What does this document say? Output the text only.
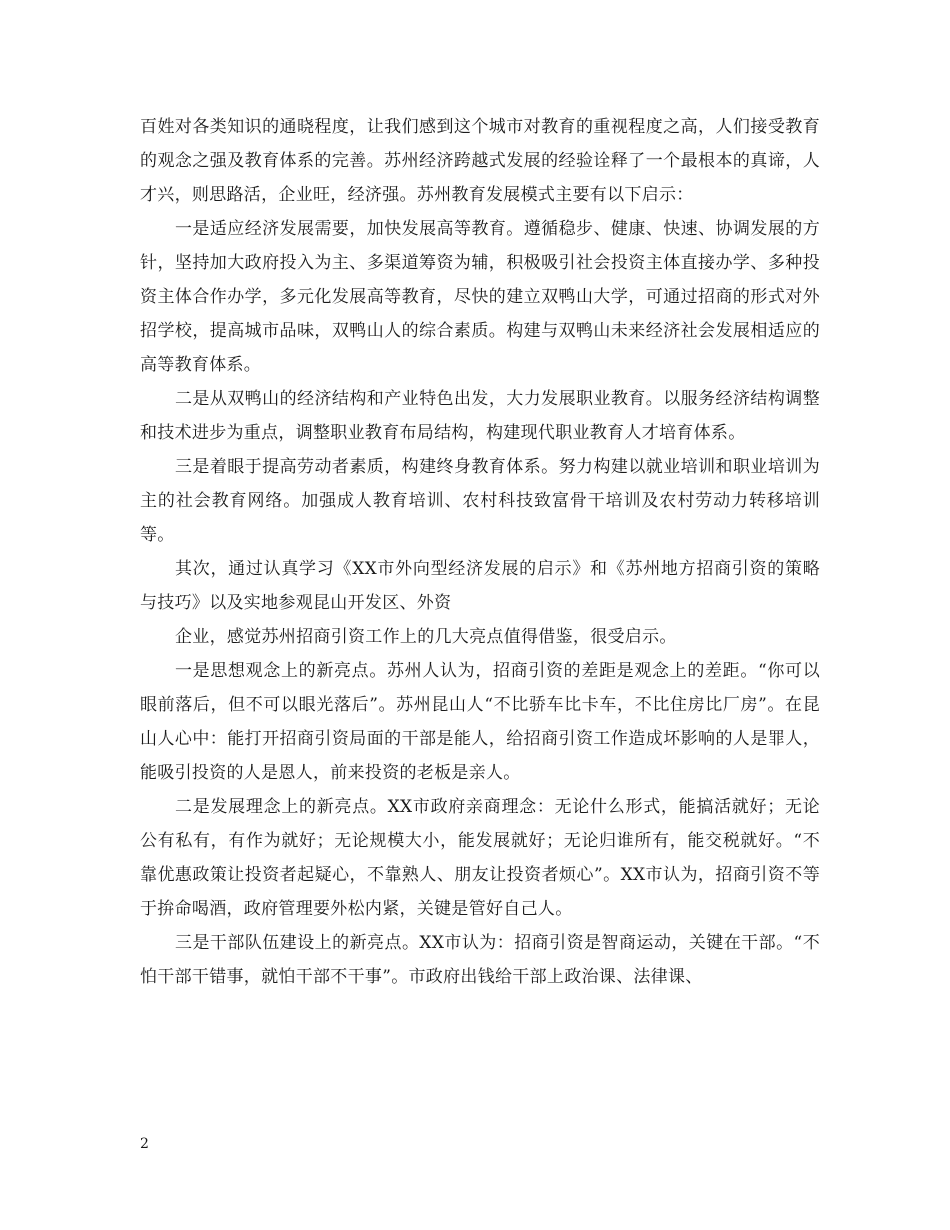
百姓对各类知识的通晓程度，让我们感到这个城市对教育的重视程度之高，人们接受教育的观念之强及教育体系的完善。苏州经济跨越式发展的经验诠释了一个最根本的真谛，人才兴，则思路活，企业旺，经济强。苏州教育发展模式主要有以下启示：

一是适应经济发展需要，加快发展高等教育。遵循稳步、健康、快速、协调发展的方针，坚持加大政府投入为主、多渠道筹资为辅，积极吸引社会投资主体直接办学、多种投资主体合作办学，多元化发展高等教育，尽快的建立双鸭山大学，可通过招商的形式对外招学校，提高城市品味，双鸭山人的综合素质。构建与双鸭山未来经济社会发展相适应的高等教育体系。

二是从双鸭山的经济结构和产业特色出发，大力发展职业教育。以服务经济结构调整和技术进步为重点，调整职业教育布局结构，构建现代职业教育人才培育体系。

三是着眼于提高劳动者素质，构建终身教育体系。努力构建以就业培训和职业培训为主的社会教育网络。加强成人教育培训、农村科技致富骨干培训及农村劳动力转移培训等。

其次，通过认真学习《XX市外向型经济发展的启示》和《苏州地方招商引资的策略与技巧》以及实地参观昆山开发区、外资

企业，感觉苏州招商引资工作上的几大亮点值得借鉴，很受启示。

一是思想观念上的新亮点。苏州人认为，招商引资的差距是观念上的差距。“你可以眼前落后，但不可以眼光落后”。苏州昆山人“不比骄车比卡车，不比住房比厂房”。在昆山人心中：能打开招商引资局面的干部是能人，给招商引资工作造成坏影响的人是罪人，能吸引投资的人是恩人，前来投资的老板是亲人。

二是发展理念上的新亮点。XX市政府亲商理念：无论什么形式，能搞活就好；无论公有私有，有作为就好；无论规模大小，能发展就好；无论归谁所有，能交税就好。“不靠优惠政策让投资者起疑心，不靠熟人、朋友让投资者烦心”。XX市认为，招商引资不等于拚命喝酒，政府管理要外松内紧，关键是管好自己人。

三是干部队伍建设上的新亮点。XX市认为：招商引资是智商运动，关键在干部。“不怕干部干错事，就怕干部不干事”。市政府出钱给干部上政治课、法律课、

2
